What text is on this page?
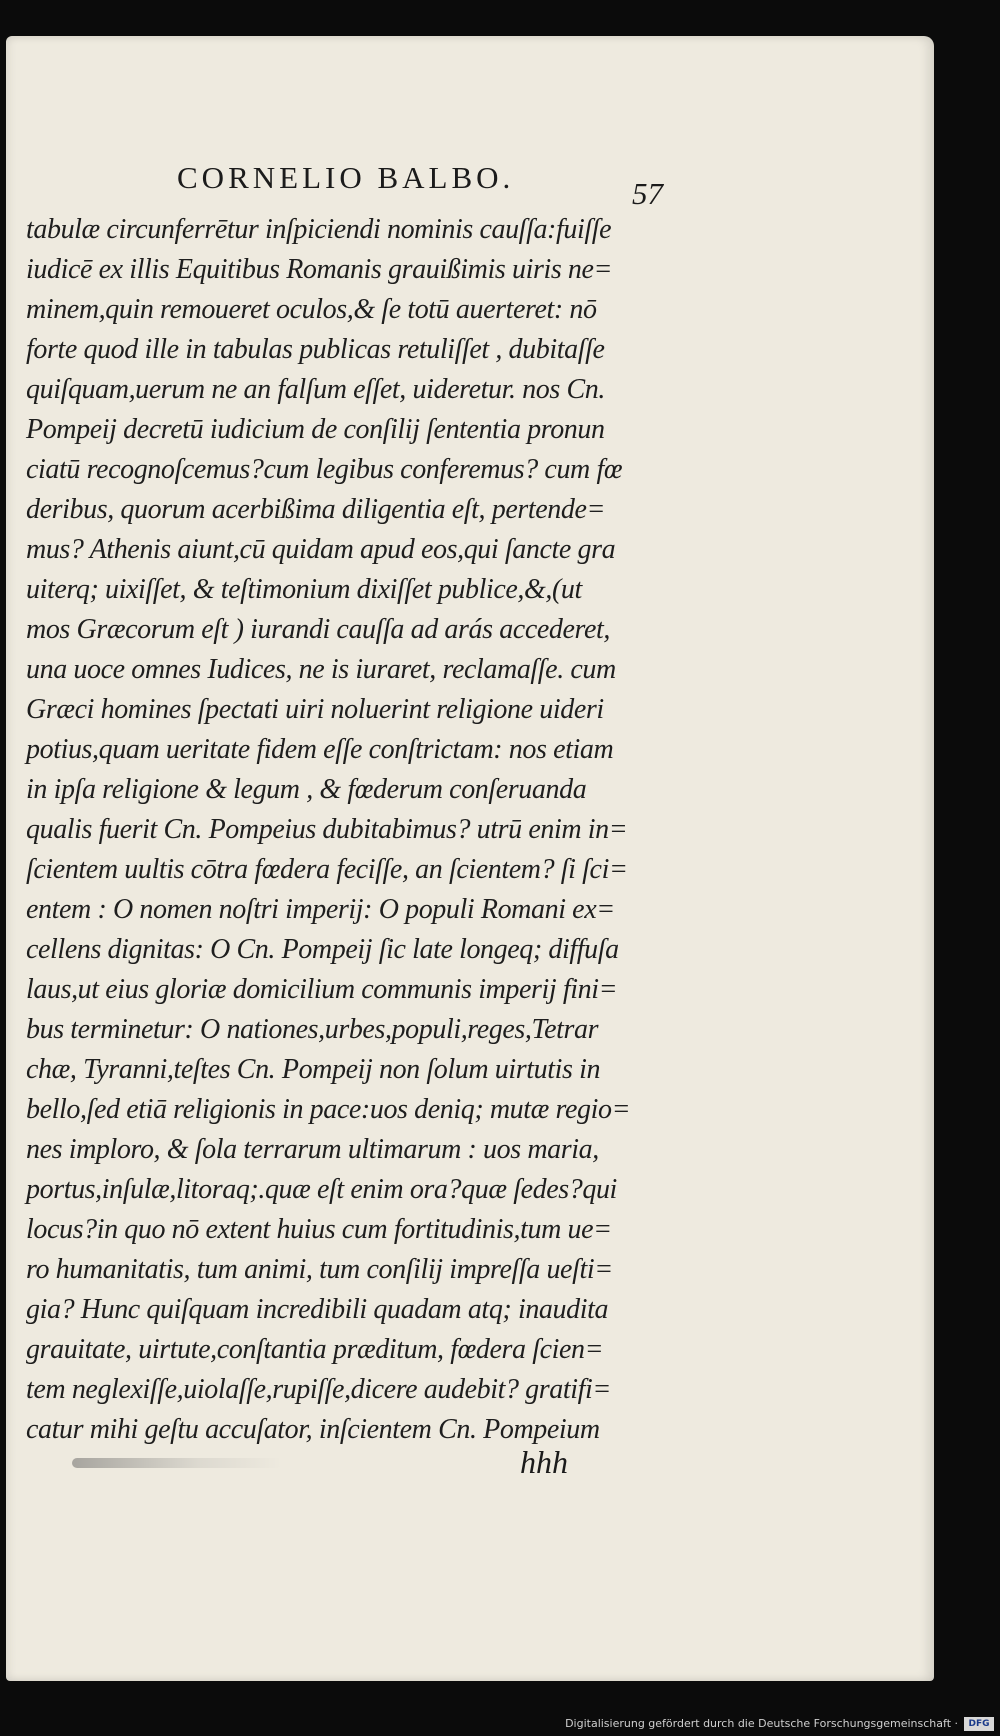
CORNELIO BALBO.	57
tabulæ circunferrētur inſpiciendi nominis cauſſa:fuiſſe
iudicē ex illis Equitibus Romanis grauißimis uiris ne=
minem,quin remoueret oculos,& ſe totū auerteret: nō
forte quod ille in tabulas publicas retuliſſet , dubitaſſe
quiſquam,uerum ne an falſum eſſet, uideretur. nos Cn.
Pompeij decretū iudicium de conſilij ſententia pronun
ciatū recognoſcemus?cum legibus conferemus? cum fœ
deribus, quorum acerbißima diligentia eſt, pertende=
mus? Athenis aiunt,cū quidam apud eos,qui ſancte gra
uiterq; uixiſſet, & teſtimonium dixiſſet publice,&,(ut
mos Græcorum eſt ) iurandi cauſſa ad arás accederet,
una uoce omnes Iudices, ne is iuraret, reclamaſſe. cum
Græci homines ſpectati uiri noluerint religione uideri
potius,quam ueritate fidem eſſe conſtrictam: nos etiam
in ipſa religione & legum , & fœderum conſeruanda
qualis fuerit Cn. Pompeius dubitabimus? utrū enim in=
ſcientem uultis cōtra fœdera feciſſe, an ſcientem? ſi ſci=
entem : O nomen noſtri imperij: O populi Romani ex=
cellens dignitas: O Cn. Pompeij ſic late longeq; diffuſa
laus,ut eius gloriæ domicilium communis imperij fini=
bus terminetur: O nationes,urbes,populi,reges,Tetrar
chæ, Tyranni,teſtes Cn. Pompeij non ſolum uirtutis in
bello,ſed etiā religionis in pace:uos deniq; mutæ regio=
nes imploro, & ſola terrarum ultimarum : uos maria,
portus,inſulæ,litoraq;.quæ eſt enim ora?quæ ſedes?qui
locus?in quo nō extent huius cum fortitudinis,tum ue=
ro humanitatis, tum animi, tum conſilij impreſſa ueſti=
gia? Hunc quiſquam incredibili quadam atq; inaudita
grauitate, uirtute,conſtantia præditum, fœdera ſcien=
tem neglexiſſe,uiolaſſe,rupiſſe,dicere audebit? gratifi=
catur mihi geſtu accuſator, inſcientem Cn. Pompeium
hhh
Digitalisierung gefördert durch die Deutsche Forschungsgemeinschaft ·	DFG
